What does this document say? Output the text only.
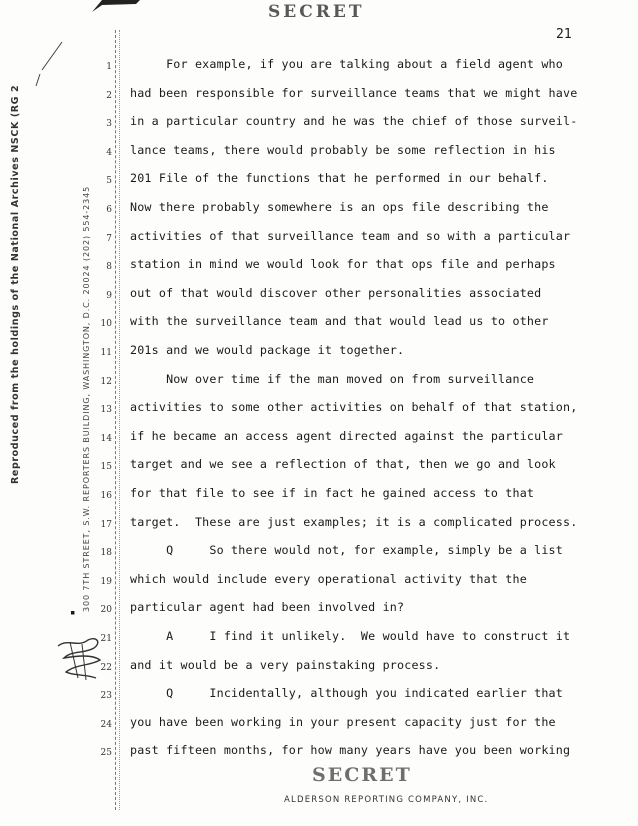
SECRET
21
Reproduced from the holdings of the National Archives NSCK (RG 2	300 7TH STREET, S.W. REPORTERS BUILDING, WASHINGTON, D.C. 20024 (202) 554-2345
▪
1
2
3
4
5
6
7
8
9
10
11
12
13
14
15
16
17
18
19
20
21
22
23
24
25
For example, if you are talking about a field agent who
had been responsible for surveillance teams that we might have
in a particular country and he was the chief of those surveil-
lance teams, there would probably be some reflection in his
201 File of the functions that he performed in our behalf.
Now there probably somewhere is an ops file describing the
activities of that surveillance team and so with a particular
station in mind we would look for that ops file and perhaps
out of that would discover other personalities associated
with the surveillance team and that would lead us to other
201s and we would package it together.
Now over time if the man moved on from surveillance
activities to some other activities on behalf of that station,
if he became an access agent directed against the particular
target and we see a reflection of that, then we go and look
for that file to see if in fact he gained access to that
target.  These are just examples; it is a complicated process.
Q     So there would not, for example, simply be a list
which would include every operational activity that the
particular agent had been involved in?
A     I find it unlikely.  We would have to construct it
and it would be a very painstaking process.
Q     Incidentally, although you indicated earlier that
you have been working in your present capacity just for the
past fifteen months, for how many years have you been working
SECRET
ALDERSON REPORTING COMPANY, INC.
